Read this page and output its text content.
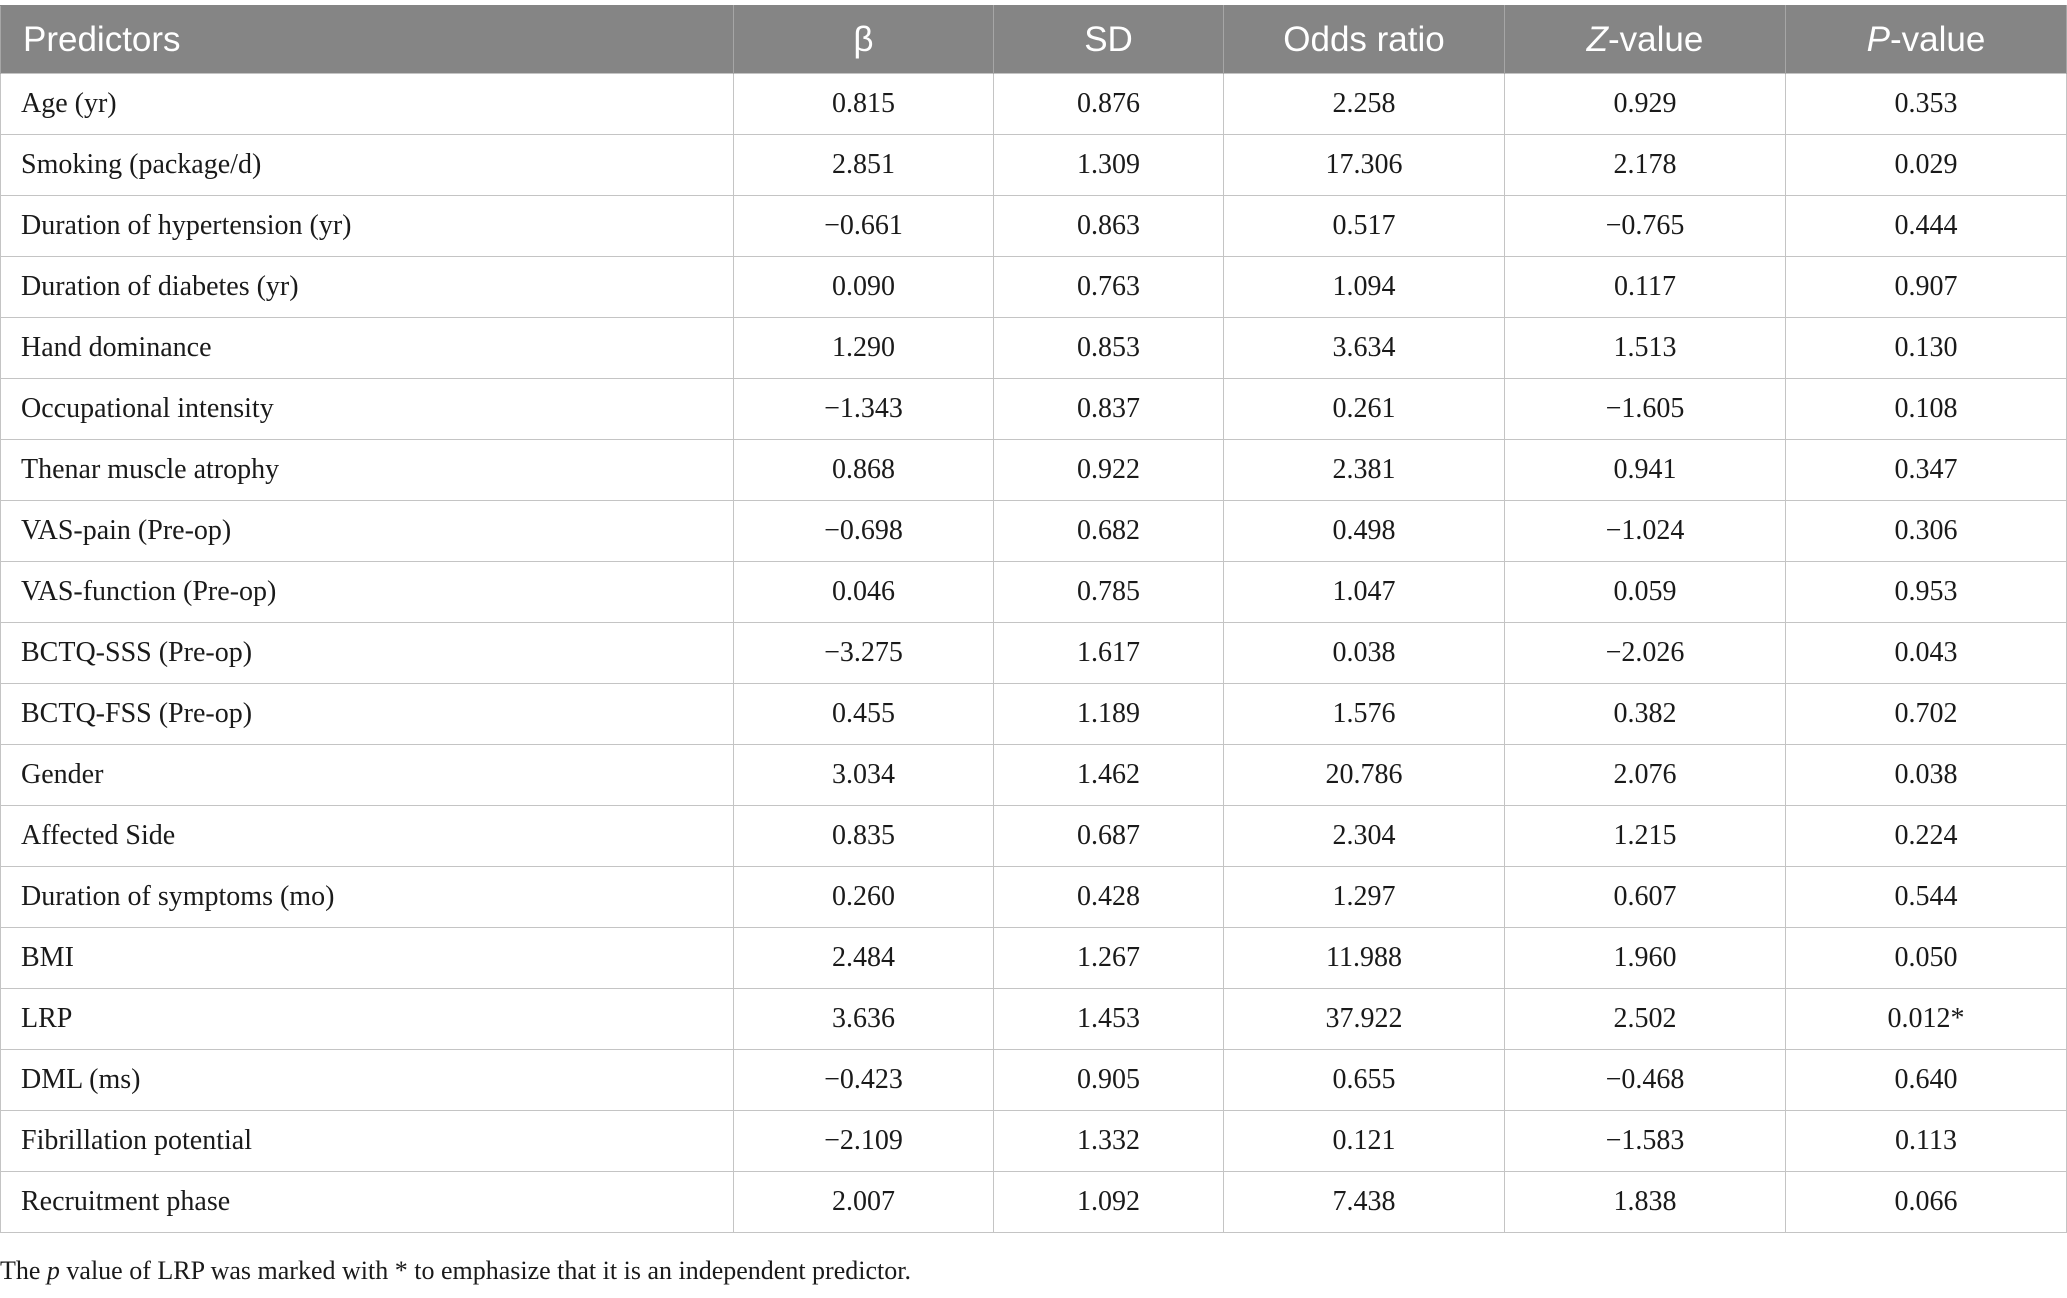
Predictors	β	SD	Odds ratio	Z-value	P-value
Age (yr)	0.815	0.876	2.258	0.929	0.353
Smoking (package/d)	2.851	1.309	17.306	2.178	0.029
Duration of hypertension (yr)	−0.661	0.863	0.517	−0.765	0.444
Duration of diabetes (yr)	0.090	0.763	1.094	0.117	0.907
Hand dominance	1.290	0.853	3.634	1.513	0.130
Occupational intensity	−1.343	0.837	0.261	−1.605	0.108
Thenar muscle atrophy	0.868	0.922	2.381	0.941	0.347
VAS-pain (Pre-op)	−0.698	0.682	0.498	−1.024	0.306
VAS-function (Pre-op)	0.046	0.785	1.047	0.059	0.953
BCTQ-SSS (Pre-op)	−3.275	1.617	0.038	−2.026	0.043
BCTQ-FSS (Pre-op)	0.455	1.189	1.576	0.382	0.702
Gender	3.034	1.462	20.786	2.076	0.038
Affected Side	0.835	0.687	2.304	1.215	0.224
Duration of symptoms (mo)	0.260	0.428	1.297	0.607	0.544
BMI	2.484	1.267	11.988	1.960	0.050
LRP	3.636	1.453	37.922	2.502	0.012*
DML (ms)	−0.423	0.905	0.655	−0.468	0.640
Fibrillation potential	−2.109	1.332	0.121	−1.583	0.113
Recruitment phase	2.007	1.092	7.438	1.838	0.066
The p value of LRP was marked with * to emphasize that it is an independent predictor.
